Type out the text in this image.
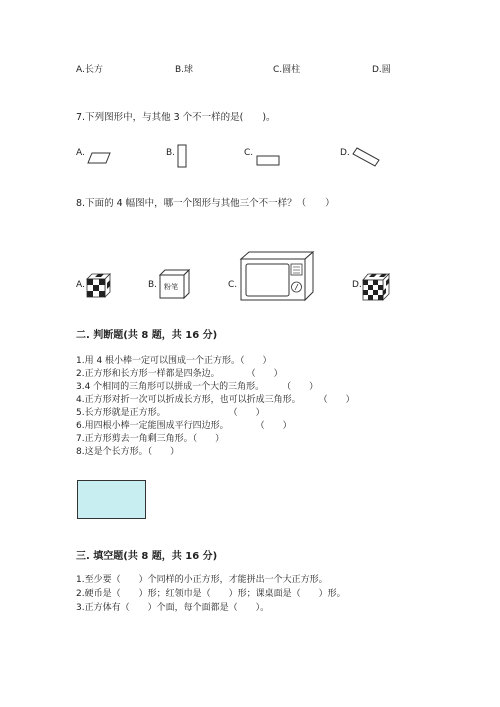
A.长方	B.球	C.圆柱	D.圆
7.下列图形中，与其他 3 个不一样的是(　　)。
A.	B.	C.	D.
8.下面的 4 幅图中，哪一个图形与其他三个不一样？（　　）
A.	B. 粉笔	C.	D.
二. 判断题(共 8 题，共 16 分)
1.用 4 根小棒一定可以围成一个正方形。（　　）
2.正方形和长方形一样都是四条边。　　　　（　　）
3.4 个相同的三角形可以拼成一个大的三角形。　　　（　　）
4.正方形对折一次可以折成长方形，也可以折成三角形。　　　（　　）
5.长方形就是正方形。　　　　　　　　（　　）
6.用四根小棒一定能围成平行四边形。　　　　（　　）
7.正方形剪去一角剩三角形。（　　）
8.这是个长方形。（　　）
三. 填空题(共 8 题，共 16 分)
1.至少要（　　）个同样的小正方形，才能拼出一个大正方形。
2.硬币是（　　）形；红领巾是（　　）形；课桌面是（　　）形。
3.正方体有（　　）个面，每个面都是（　　）。
